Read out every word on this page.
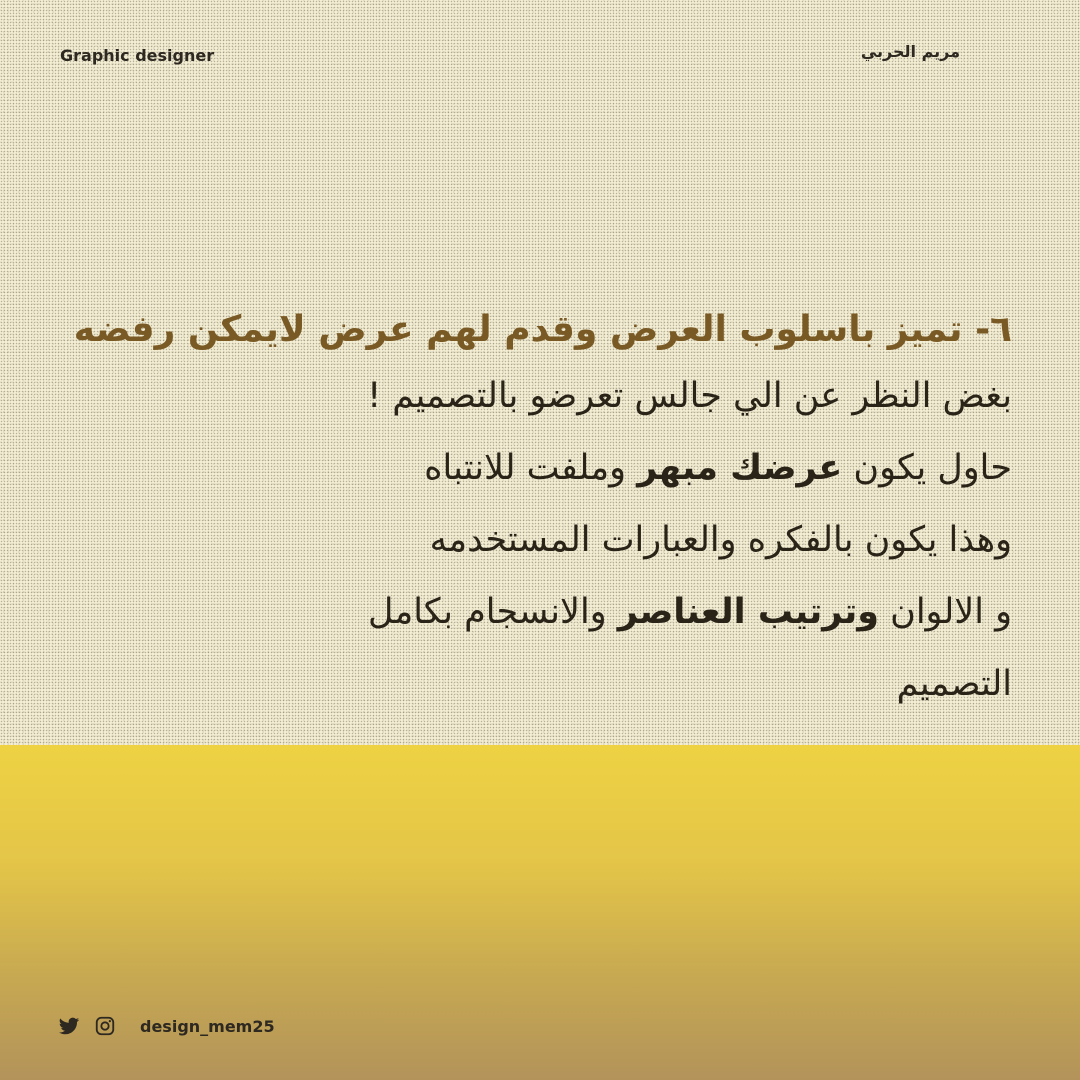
Graphic designer	مريم الحربي

٦- تميز باسلوب العرض وقدم لهم عرض لايمكن رفضه

بغض النظر عن الي جالس تعرضو بالتصميم !

حاول يكون عرضك مبهر وملفت للانتباه

وهذا يكون بالفكره والعبارات المستخدمه

و الالوان وترتيب العناصر والانسجام بكامل

التصميم

design_mem25
